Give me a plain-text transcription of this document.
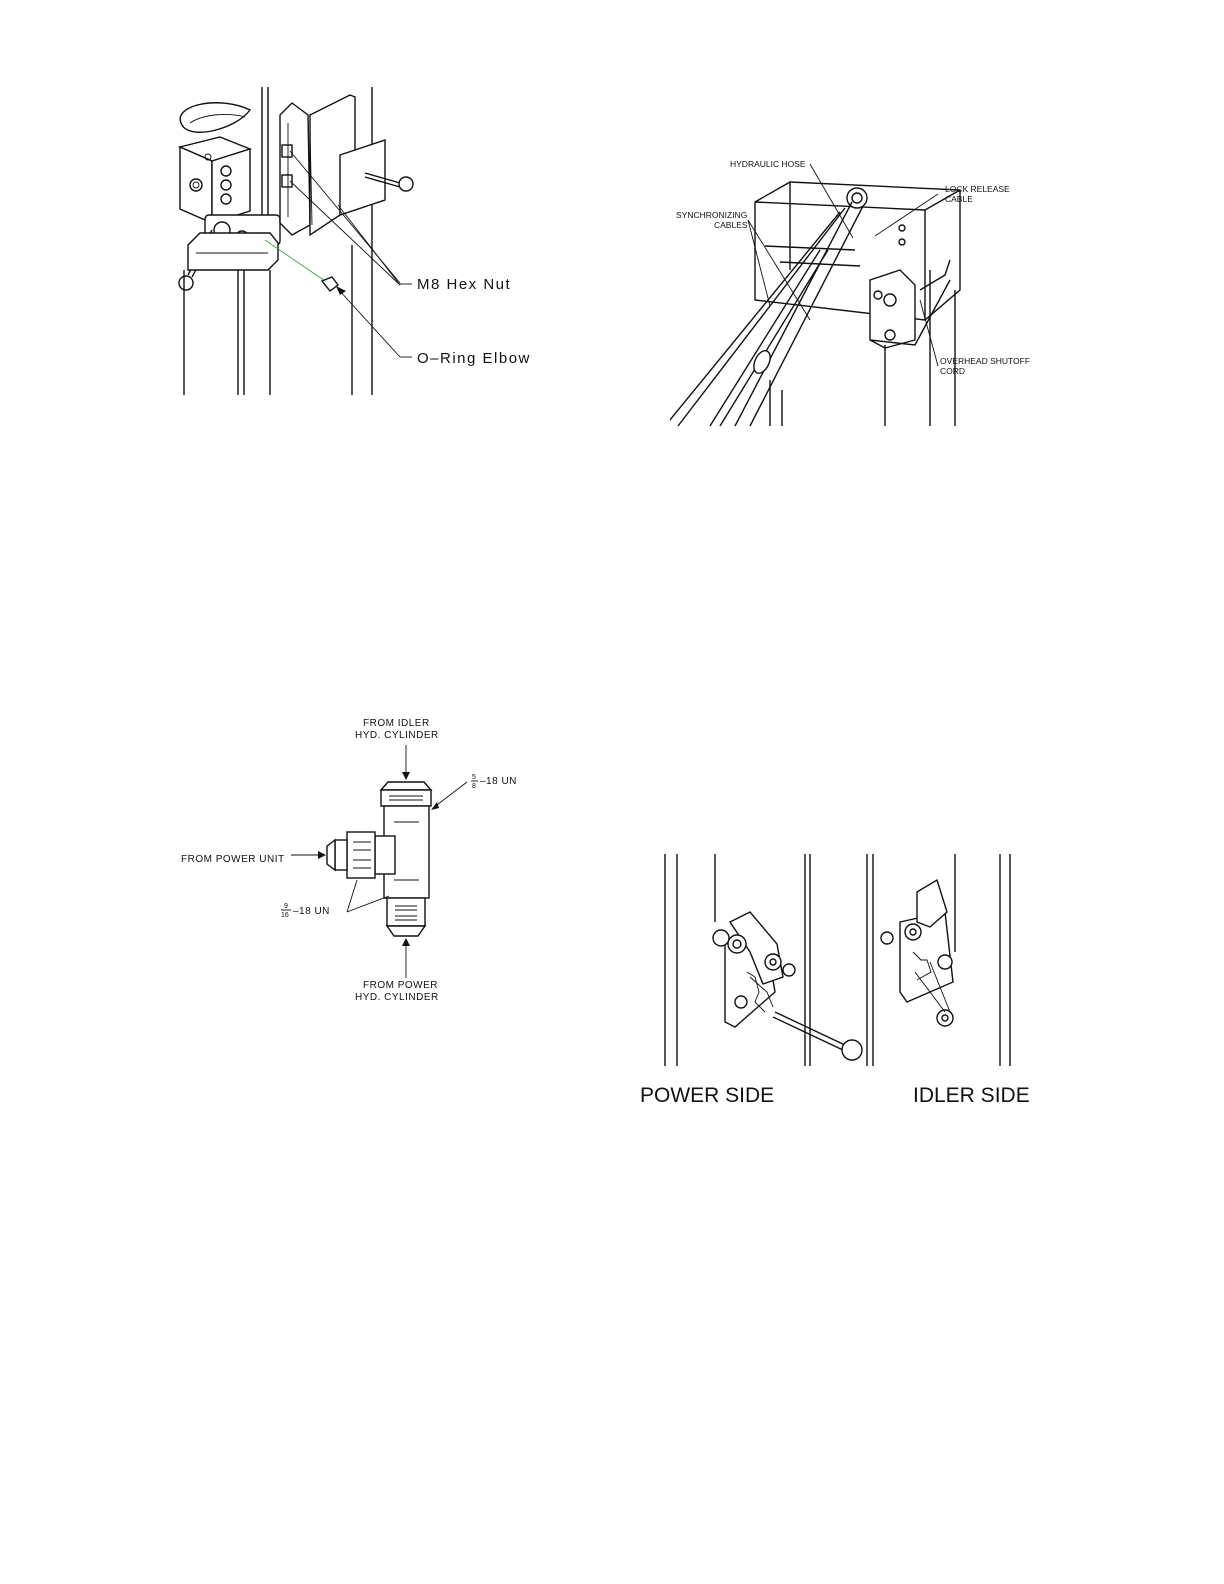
M8 Hex Nut
O–Ring Elbow
HYDRAULIC HOSE
LOCK RELEASE
CABLE
SYNCHRONIZING
CABLES
OVERHEAD SHUTOFF
CORD
FROM IDLER
HYD. CYLINDER
FROM POWER UNIT
FROM POWER
HYD. CYLINDER
5
8 –18 UN
9
16 –18 UN
POWER SIDE	IDLER SIDE
